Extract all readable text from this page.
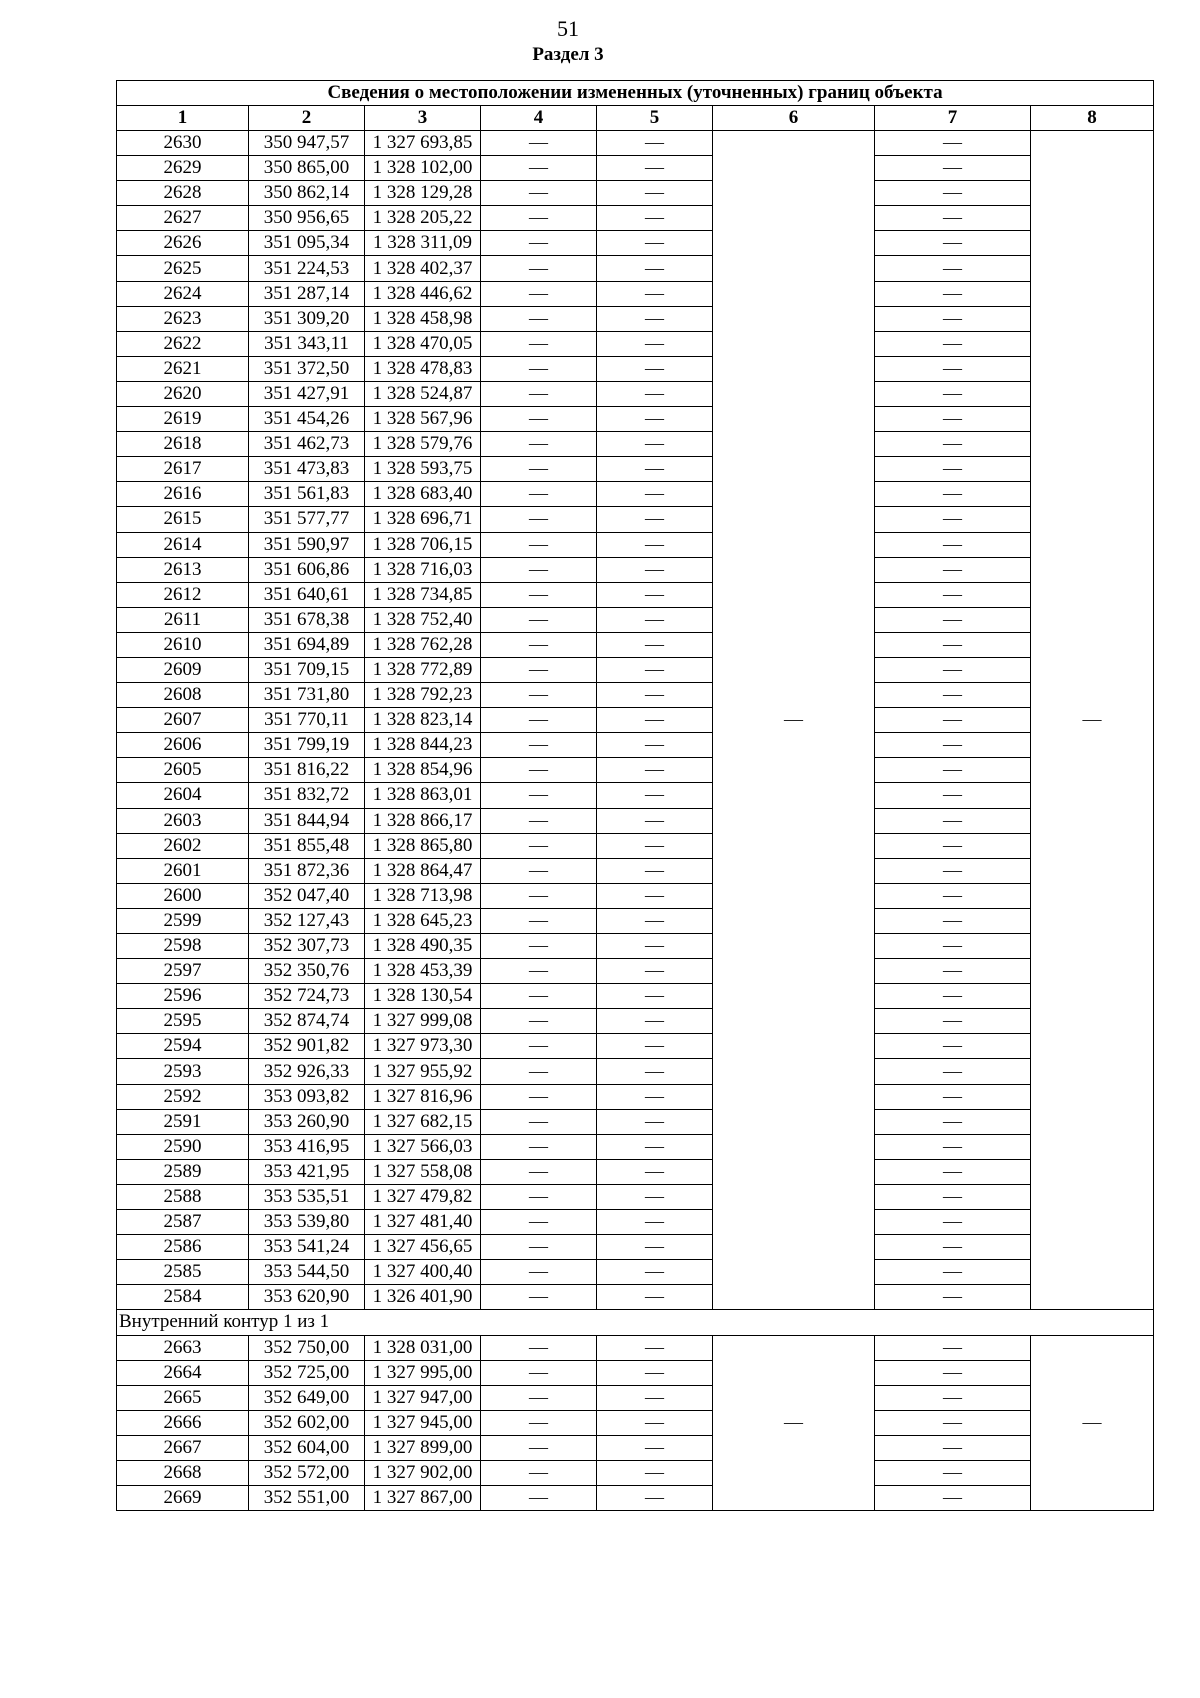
51
Раздел 3
Сведения о местоположении измененных (уточненных) границ объекта							
1	2	3	4	5	6	7	8
2630	350 947,57	1 327 693,85	—	—	—	—	—
2629	350 865,00	1 328 102,00	—	—		—	
2628	350 862,14	1 328 129,28	—	—		—	
2627	350 956,65	1 328 205,22	—	—		—	
2626	351 095,34	1 328 311,09	—	—		—	
2625	351 224,53	1 328 402,37	—	—		—	
2624	351 287,14	1 328 446,62	—	—		—	
2623	351 309,20	1 328 458,98	—	—		—	
2622	351 343,11	1 328 470,05	—	—		—	
2621	351 372,50	1 328 478,83	—	—		—	
2620	351 427,91	1 328 524,87	—	—		—	
2619	351 454,26	1 328 567,96	—	—		—	
2618	351 462,73	1 328 579,76	—	—		—	
2617	351 473,83	1 328 593,75	—	—		—	
2616	351 561,83	1 328 683,40	—	—		—	
2615	351 577,77	1 328 696,71	—	—		—	
2614	351 590,97	1 328 706,15	—	—		—	
2613	351 606,86	1 328 716,03	—	—		—	
2612	351 640,61	1 328 734,85	—	—		—	
2611	351 678,38	1 328 752,40	—	—		—	
2610	351 694,89	1 328 762,28	—	—		—	
2609	351 709,15	1 328 772,89	—	—		—	
2608	351 731,80	1 328 792,23	—	—		—	
2607	351 770,11	1 328 823,14	—	—		—	
2606	351 799,19	1 328 844,23	—	—		—	
2605	351 816,22	1 328 854,96	—	—		—	
2604	351 832,72	1 328 863,01	—	—		—	
2603	351 844,94	1 328 866,17	—	—		—	
2602	351 855,48	1 328 865,80	—	—		—	
2601	351 872,36	1 328 864,47	—	—		—	
2600	352 047,40	1 328 713,98	—	—		—	
2599	352 127,43	1 328 645,23	—	—		—	
2598	352 307,73	1 328 490,35	—	—		—	
2597	352 350,76	1 328 453,39	—	—		—	
2596	352 724,73	1 328 130,54	—	—		—	
2595	352 874,74	1 327 999,08	—	—		—	
2594	352 901,82	1 327 973,30	—	—		—	
2593	352 926,33	1 327 955,92	—	—		—	
2592	353 093,82	1 327 816,96	—	—		—	
2591	353 260,90	1 327 682,15	—	—		—	
2590	353 416,95	1 327 566,03	—	—		—	
2589	353 421,95	1 327 558,08	—	—		—	
2588	353 535,51	1 327 479,82	—	—		—	
2587	353 539,80	1 327 481,40	—	—		—	
2586	353 541,24	1 327 456,65	—	—		—	
2585	353 544,50	1 327 400,40	—	—		—	
2584	353 620,90	1 326 401,90	—	—		—	
Внутренний контур 1 из 1							
2663	352 750,00	1 328 031,00	—	—	—	—	—
2664	352 725,00	1 327 995,00	—	—		—	
2665	352 649,00	1 327 947,00	—	—		—	
2666	352 602,00	1 327 945,00	—	—		—	
2667	352 604,00	1 327 899,00	—	—		—	
2668	352 572,00	1 327 902,00	—	—		—	
2669	352 551,00	1 327 867,00	—	—		—	
